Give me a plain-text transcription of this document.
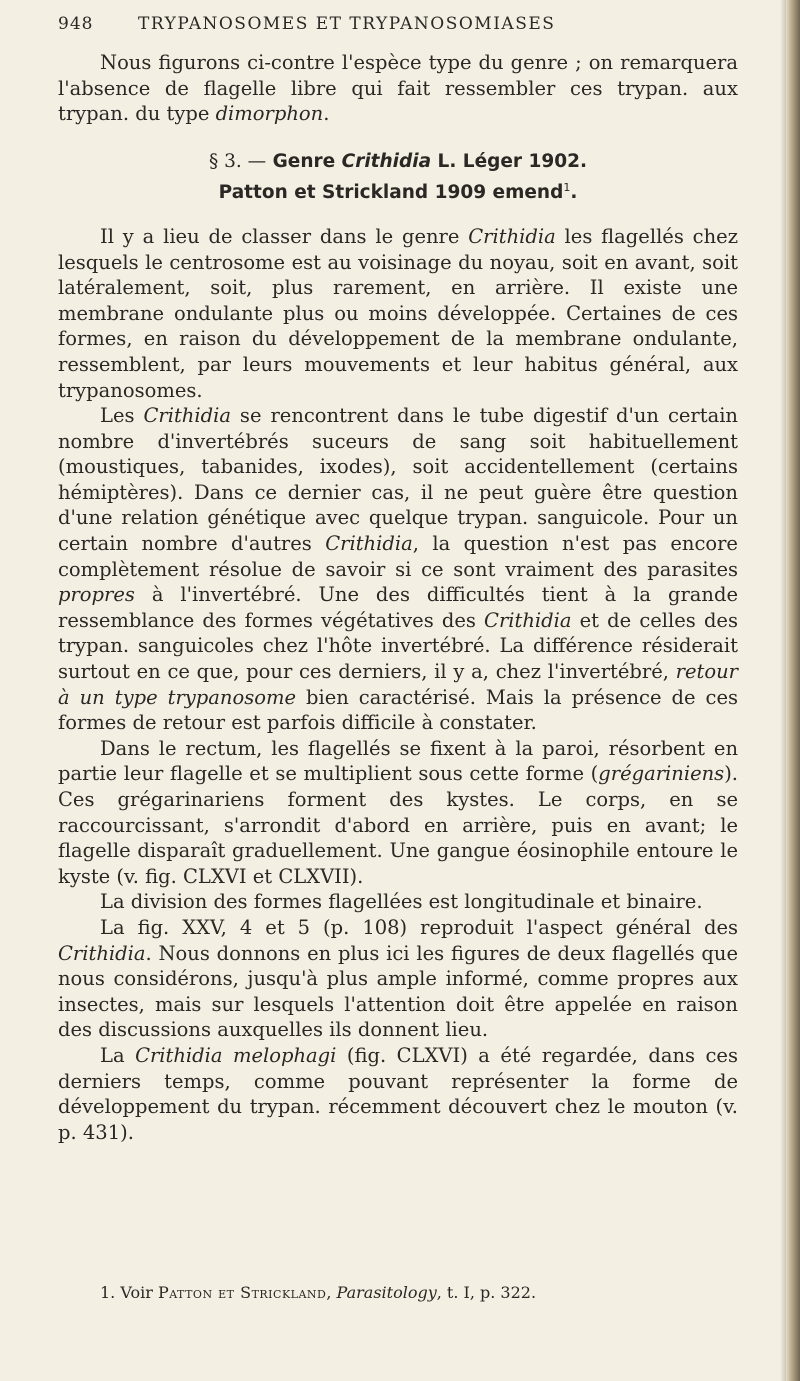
948	TRYPANOSOMES ET TRYPANOSOMIASES

Nous figurons ci-contre l'espèce type du genre ; on remarquera l'absence de flagelle libre qui fait ressembler ces trypan. aux trypan. du type dimorphon.

§ 3. — Genre Crithidia L. Léger 1902.
Patton et Strickland 1909 emend$^1$.

Il y a lieu de classer dans le genre Crithidia les flagellés chez lesquels le centrosome est au voisinage du noyau, soit en avant, soit latéralement, soit, plus rarement, en arrière. Il existe une membrane ondulante plus ou moins développée. Certaines de ces formes, en raison du développement de la membrane ondulante, ressemblent, par leurs mouvements et leur habitus général, aux trypanosomes.

Les Crithidia se rencontrent dans le tube digestif d'un certain nombre d'invertébrés suceurs de sang soit habituellement (moustiques, tabanides, ixodes), soit accidentellement (certains hémiptères). Dans ce dernier cas, il ne peut guère être question d'une relation génétique avec quelque trypan. sanguicole. Pour un certain nombre d'autres Crithidia, la question n'est pas encore complètement résolue de savoir si ce sont vraiment des parasites propres à l'invertébré. Une des difficultés tient à la grande ressemblance des formes végétatives des Crithidia et de celles des trypan. sanguicoles chez l'hôte invertébré. La différence résiderait surtout en ce que, pour ces derniers, il y a, chez l'invertébré, retour à un type trypanosome bien caractérisé. Mais la présence de ces formes de retour est parfois difficile à constater.

Dans le rectum, les flagellés se fixent à la paroi, résorbent en partie leur flagelle et se multiplient sous cette forme (grégariniens). Ces grégarinariens forment des kystes. Le corps, en se raccourcissant, s'arrondit d'abord en arrière, puis en avant; le flagelle disparaît graduellement. Une gangue éosinophile entoure le kyste (v. fig. CLXVI et CLXVII).

La division des formes flagellées est longitudinale et binaire.

La fig. XXV, 4 et 5 (p. 108) reproduit l'aspect général des Crithidia. Nous donnons en plus ici les figures de deux flagellés que nous considérons, jusqu'à plus ample informé, comme propres aux insectes, mais sur lesquels l'attention doit être appelée en raison des discussions auxquelles ils donnent lieu.

La Crithidia melophagi (fig. CLXVI) a été regardée, dans ces derniers temps, comme pouvant représenter la forme de développement du trypan. récemment découvert chez le mouton (v. p. 431).

1. Voir Patton et Strickland, Parasitology, t. I, p. 322.
